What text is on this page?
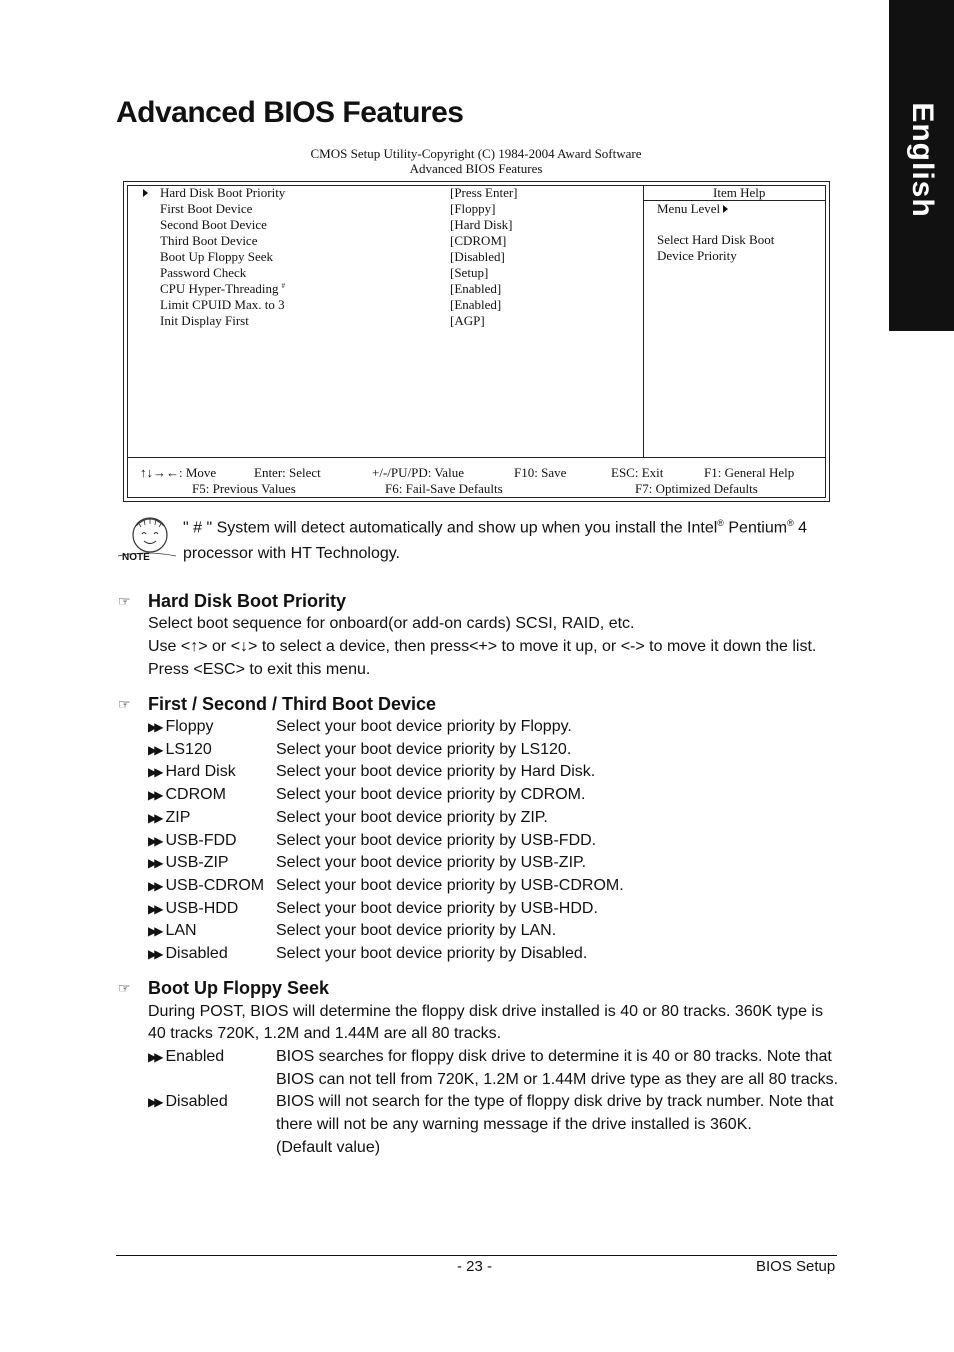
English
Advanced BIOS Features
CMOS Setup Utility-Copyright (C) 1984-2004 Award Software
Advanced BIOS Features
Hard Disk Boot Priority	[Press Enter]
First Boot Device	[Floppy]
Second Boot Device	[Hard Disk]
Third Boot Device	[CDROM]
Boot Up Floppy Seek	[Disabled]
Password Check	[Setup]
CPU Hyper-Threading #	[Enabled]
Limit CPUID Max. to 3	[Enabled]
Init Display First	[AGP]
Item Help
Menu Level
Select Hard Disk Boot
Device Priority
↑↓→←: Move	Enter: Select	+/-/PU/PD: Value	F10: Save	ESC: Exit	F1: General Help
F5: Previous Values	F6: Fail-Save Defaults	F7: Optimized Defaults
NOTE
" # " System will detect automatically and show up when you install the Intel® Pentium® 4
processor with HT Technology.
☞ Hard Disk Boot Priority
Select boot sequence for onboard(or add-on cards) SCSI, RAID, etc.
Use <↑> or <↓> to select a device, then press<+> to move it up, or <-> to move it down the list.
Press <ESC> to exit this menu.
☞ First / Second / Third Boot Device
▶▶ Floppy	Select your boot device priority by Floppy.
▶▶ LS120	Select your boot device priority by LS120.
▶▶ Hard Disk	Select your boot device priority by Hard Disk.
▶▶ CDROM	Select your boot device priority by CDROM.
▶▶ ZIP	Select your boot device priority by ZIP.
▶▶ USB-FDD Select your boot device priority by USB-FDD.
▶▶ USB-ZIP	Select your boot device priority by USB-ZIP.
▶▶ USB-CDROM Select your boot device priority by USB-CDROM.
▶▶ USB-HDD Select your boot device priority by USB-HDD.
▶▶ LAN	Select your boot device priority by LAN.
▶▶ Disabled	Select your boot device priority by Disabled.
☞ Boot Up Floppy Seek
During POST, BIOS will determine the floppy disk drive installed is 40 or 80 tracks. 360K type is
40 tracks 720K, 1.2M and 1.44M are all 80 tracks.
▶▶ Enabled	BIOS searches for floppy disk drive to determine it is 40 or 80 tracks. Note that
BIOS can not tell from 720K, 1.2M or 1.44M drive type as they are all 80 tracks.
▶▶ Disabled	BIOS will not search for the type of floppy disk drive by track number. Note that
there will not be any warning message if the drive installed is 360K.
(Default value)
- 23 -	BIOS Setup
